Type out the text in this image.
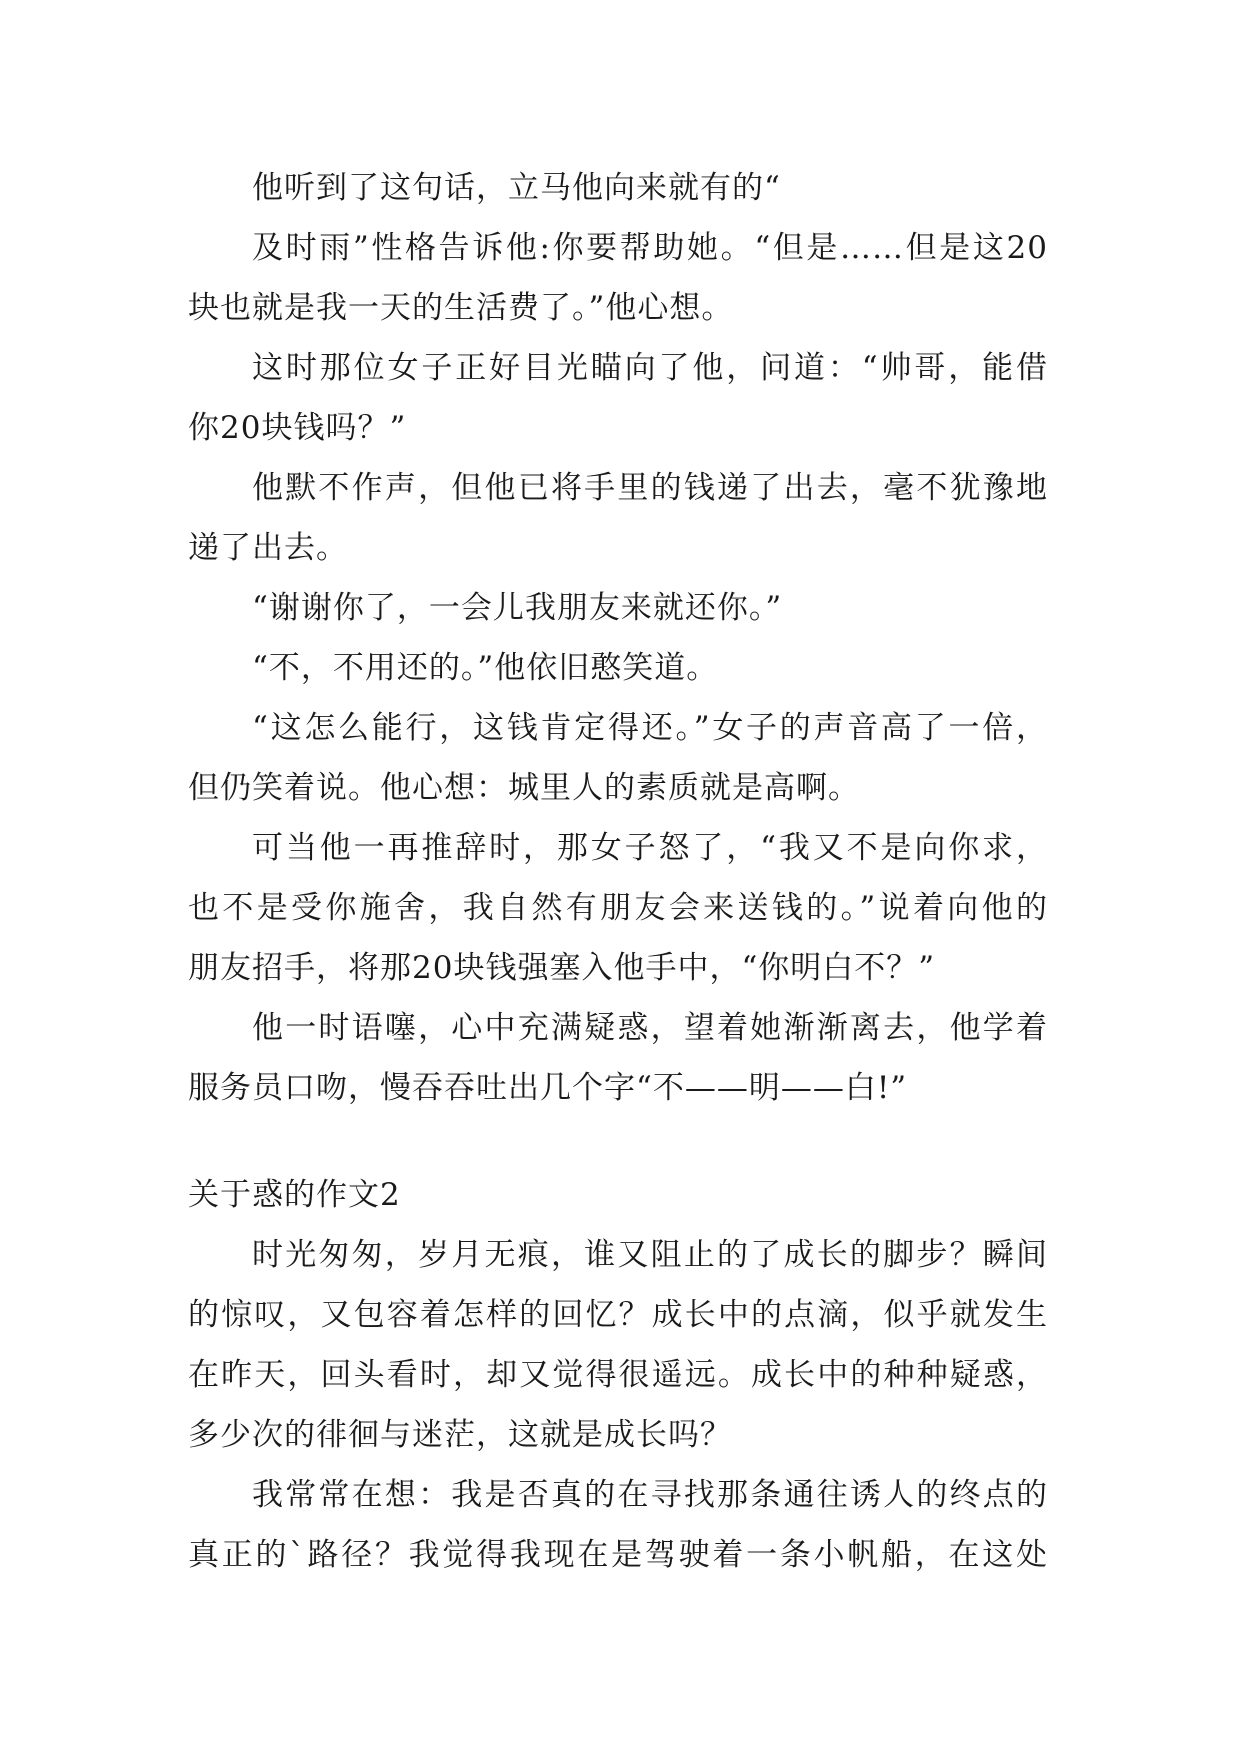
他听到了这句话，立马他向来就有的“
及时雨”性格告诉他:你要帮助她。“但是……但是这20
块也就是我一天的生活费了。”他心想。
这时那位女子正好目光瞄向了他，问道：“帅哥，能借
你20块钱吗？”
他默不作声，但他已将手里的钱递了出去，毫不犹豫地
递了出去。
“谢谢你了，一会儿我朋友来就还你。”
“不，不用还的。”他依旧憨笑道。
“这怎么能行，这钱肯定得还。”女子的声音高了一倍，
但仍笑着说。他心想：城里人的素质就是高啊。
可当他一再推辞时，那女子怒了，“我又不是向你求，
也不是受你施舍，我自然有朋友会来送钱的。”说着向他的
朋友招手，将那20块钱强塞入他手中，“你明白不？”
他一时语噻，心中充满疑惑，望着她渐渐离去，他学着
服务员口吻，慢吞吞吐出几个字“不——明——白!”
关于惑的作文2
时光匆匆，岁月无痕，谁又阻止的了成长的脚步？瞬间
的惊叹，又包容着怎样的回忆？成长中的点滴，似乎就发生
在昨天，回头看时，却又觉得很遥远。成长中的种种疑惑，
多少次的徘徊与迷茫，这就是成长吗？
我常常在想：我是否真的在寻找那条通往诱人的终点的
真正的`路径？我觉得我现在是驾驶着一条小帆船，在这处
